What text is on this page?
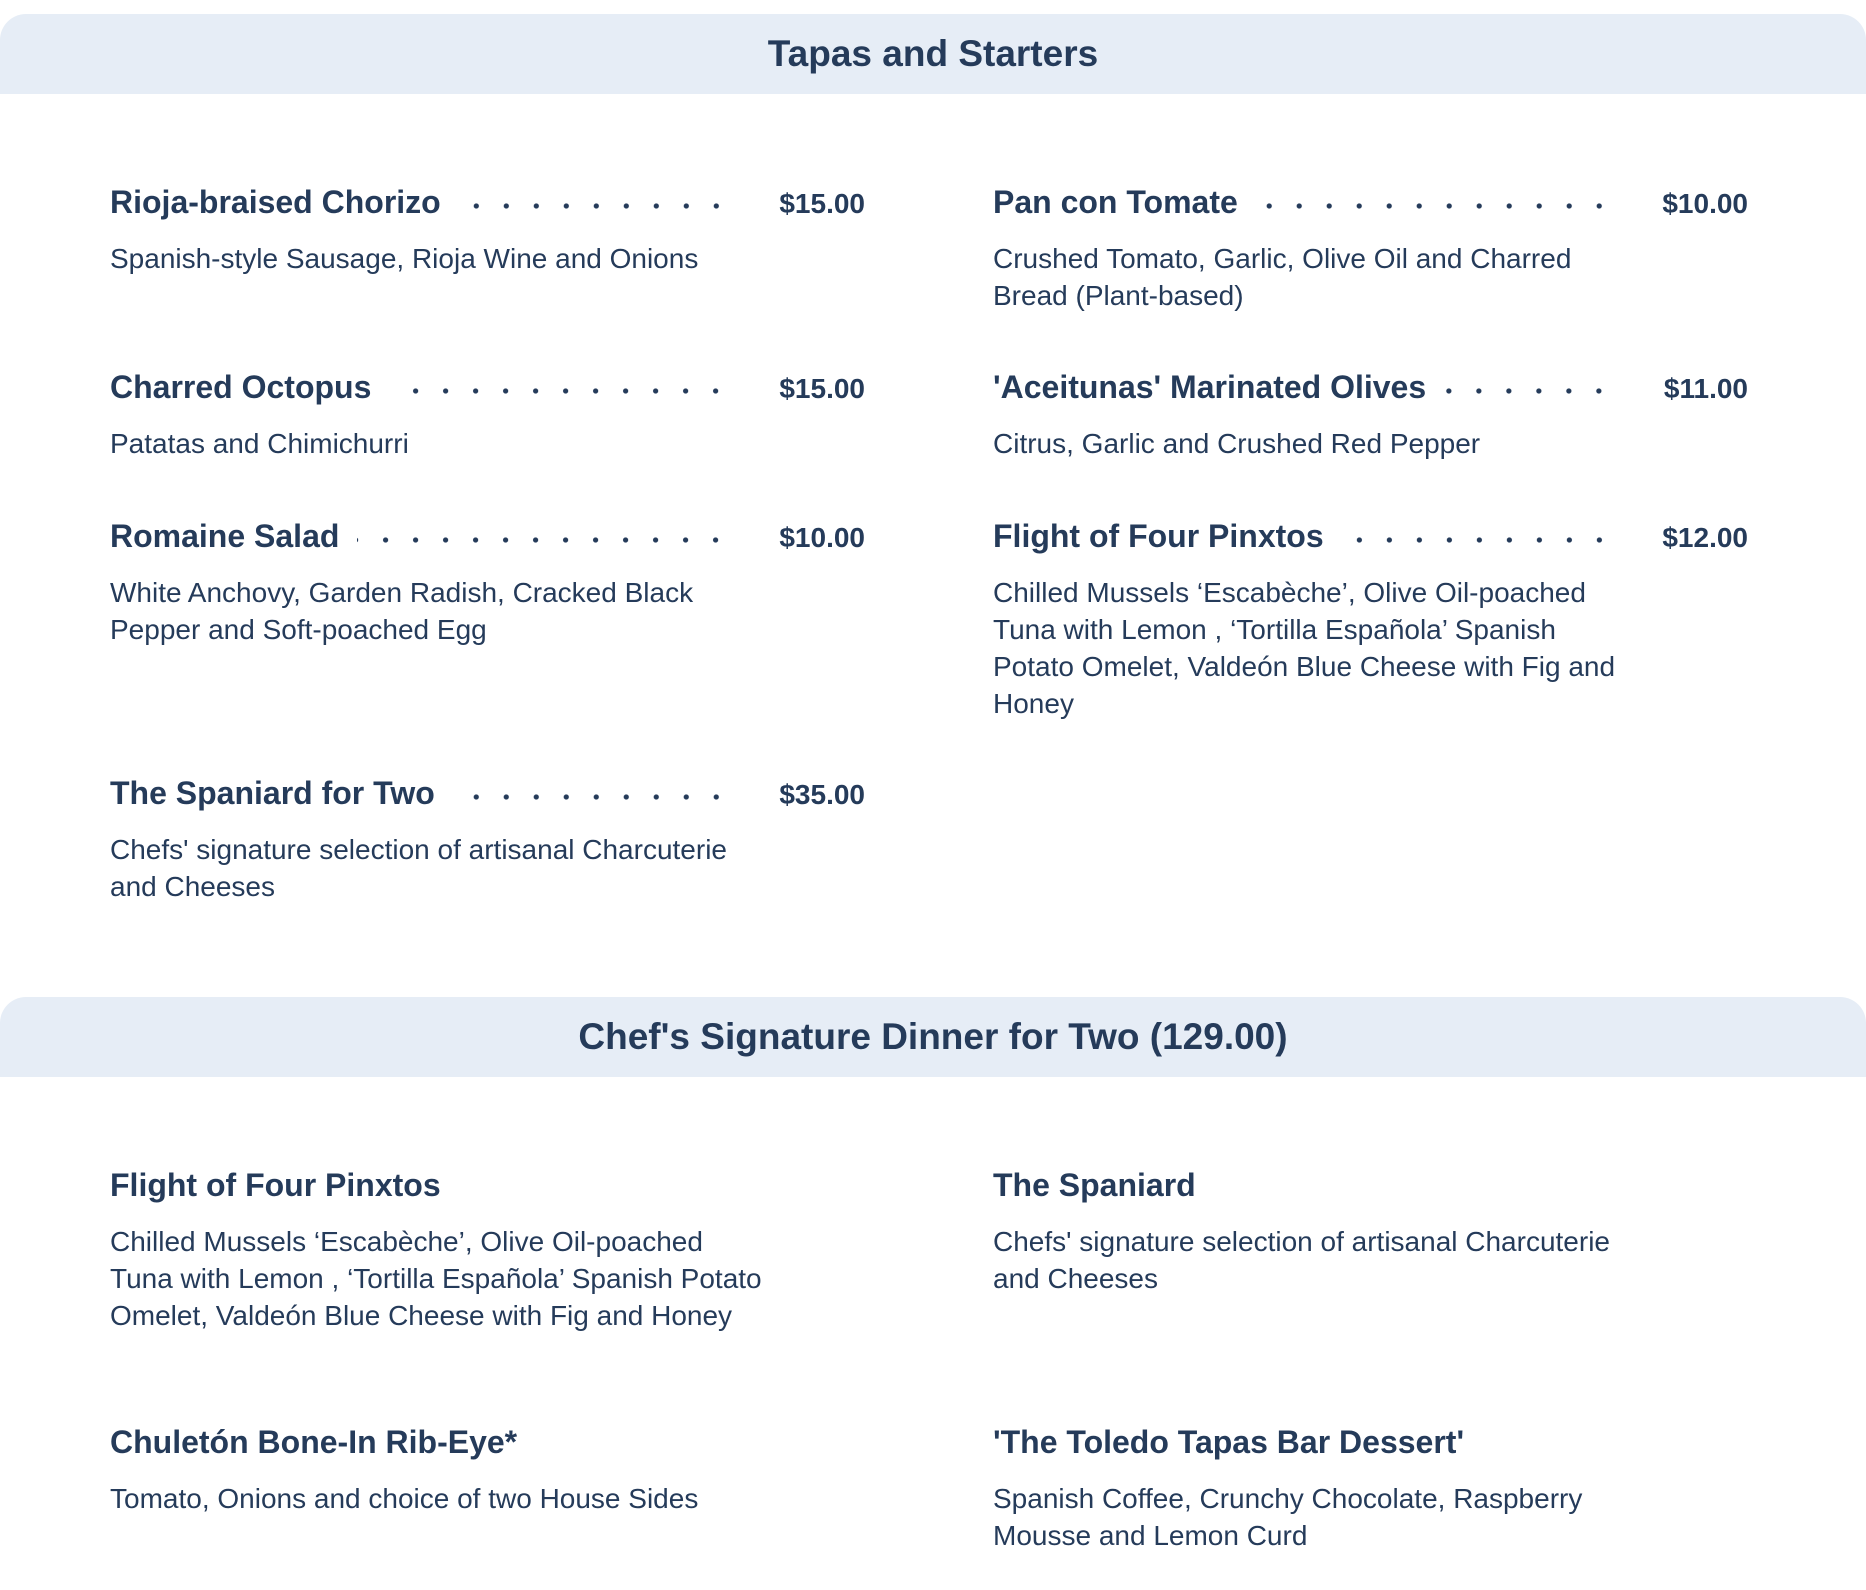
Tapas and Starters
Rioja-braised Chorizo	$15.00
Spanish-style Sausage, Rioja Wine and Onions
Pan con Tomate	$10.00
Crushed Tomato, Garlic, Olive Oil and Charred Bread (Plant-based)
Charred Octopus	$15.00
Patatas and Chimichurri
'Aceitunas' Marinated Olives	$11.00
Citrus, Garlic and Crushed Red Pepper
Romaine Salad	$10.00
White Anchovy, Garden Radish, Cracked Black Pepper and Soft-poached Egg
Flight of Four Pinxtos	$12.00
Chilled Mussels ‘Escabèche’, Olive Oil-poached Tuna with Lemon , ‘Tortilla Española’ Spanish Potato Omelet, Valdeón Blue Cheese with Fig and Honey
The Spaniard for Two	$35.00
Chefs' signature selection of artisanal Charcuterie and Cheeses
Chef's Signature Dinner for Two (129.00)
Flight of Four Pinxtos
Chilled Mussels ‘Escabèche’, Olive Oil-poached Tuna with Lemon , ‘Tortilla Española’ Spanish Potato Omelet, Valdeón Blue Cheese with Fig and Honey
The Spaniard
Chefs' signature selection of artisanal Charcuterie and Cheeses
Chuletón Bone-In Rib-Eye*
Tomato, Onions and choice of two House Sides
'The Toledo Tapas Bar Dessert'
Spanish Coffee, Crunchy Chocolate, Raspberry Mousse and Lemon Curd
